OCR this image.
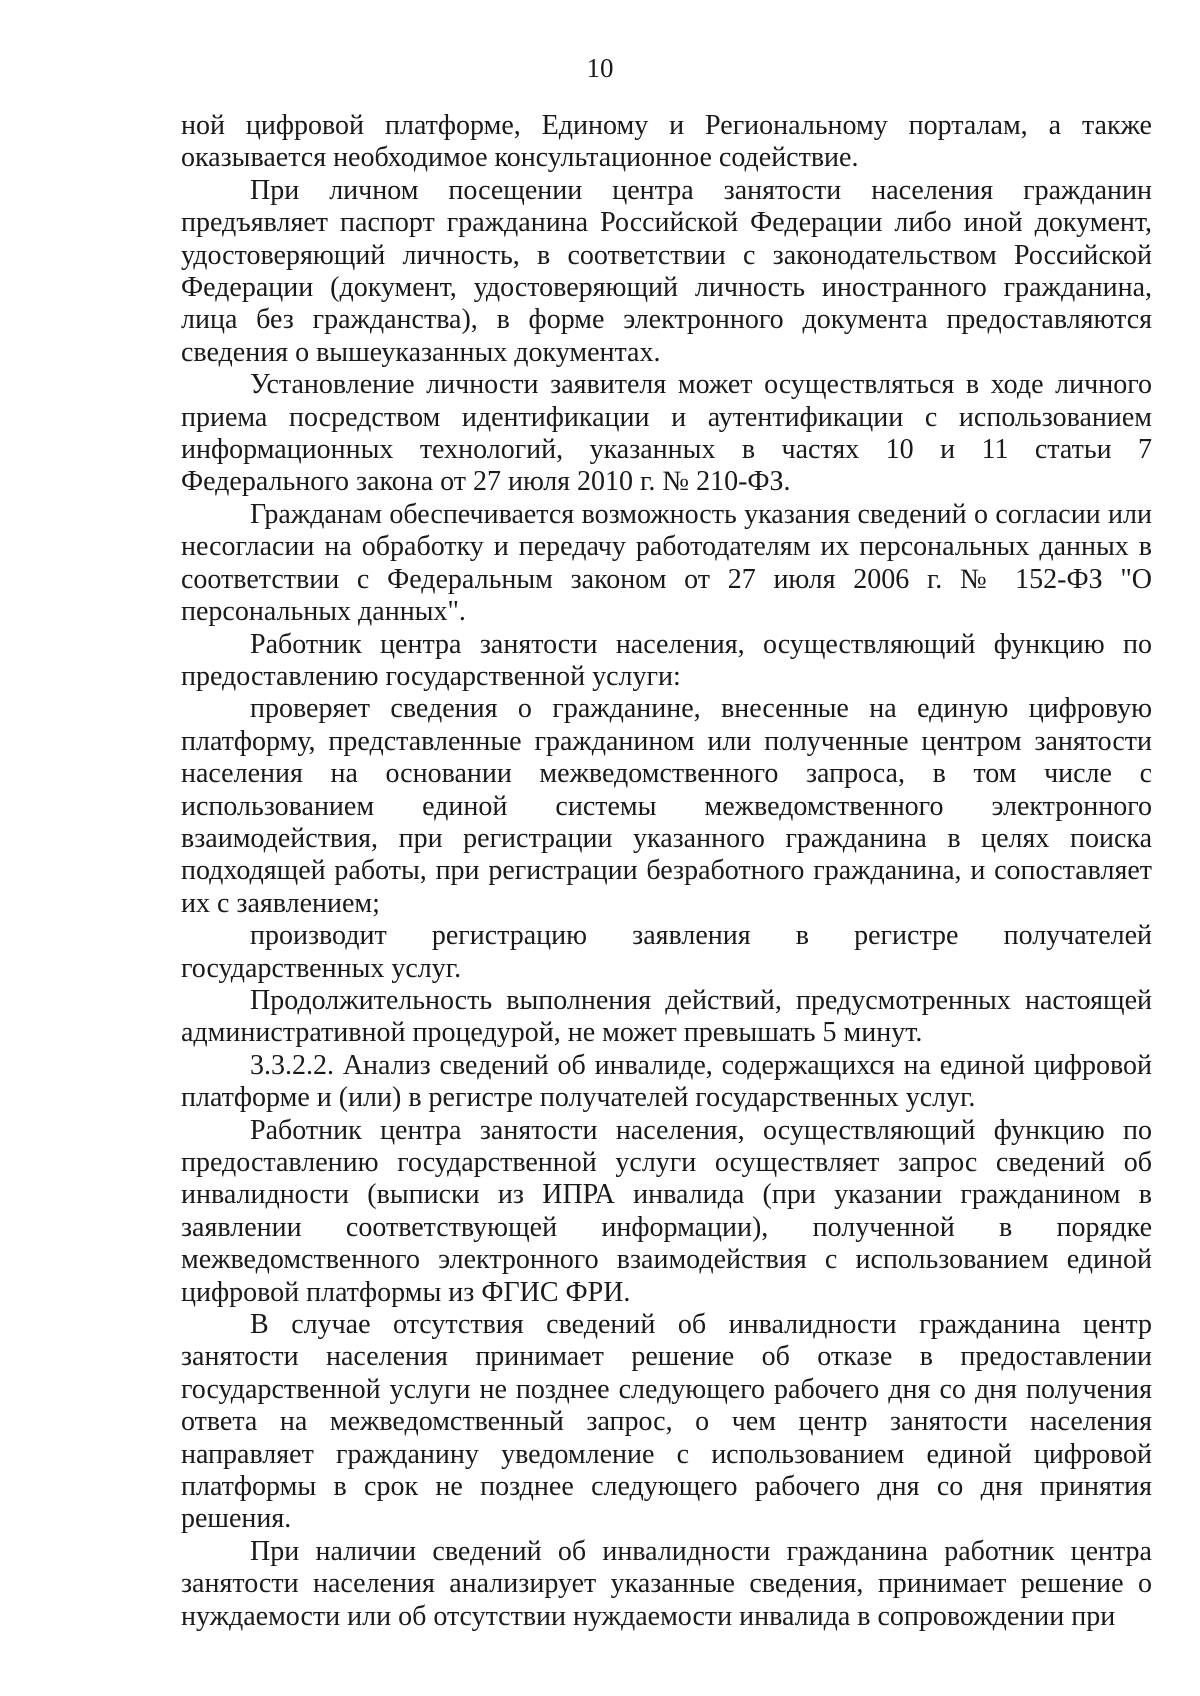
10

ной цифровой платформе, Единому и Региональному порталам, а также оказывается необходимое консультационное содействие.

При личном посещении центра занятости населения гражданин предъявляет паспорт гражданина Российской Федерации либо иной документ, удостоверяющий личность, в соответствии с законодательством Российской Федерации (документ, удостоверяющий личность иностранного гражданина, лица без гражданства), в форме электронного документа предоставляются сведения о вышеуказанных документах.

Установление личности заявителя может осуществляться в ходе личного приема посредством идентификации и аутентификации с использованием информационных технологий, указанных в частях 10 и 11 статьи 7 Федерального закона от 27 июля 2010 г. № 210-ФЗ.

Гражданам обеспечивается возможность указания сведений о согласии или несогласии на обработку и передачу работодателям их персональных данных в соответствии с Федеральным законом от 27 июля 2006 г. № 152-ФЗ "О персональных данных".

Работник центра занятости населения, осуществляющий функцию по предоставлению государственной услуги:

проверяет сведения о гражданине, внесенные на единую цифровую платформу, представленные гражданином или полученные центром занятости населения на основании межведомственного запроса, в том числе с использованием единой системы межведомственного электронного взаимодействия, при регистрации указанного гражданина в целях поиска подходящей работы, при регистрации безработного гражданина, и сопоставляет их с заявлением;

производит регистрацию заявления в регистре получателей государственных услуг.

Продолжительность выполнения действий, предусмотренных настоящей административной процедурой, не может превышать 5 минут.

3.3.2.2. Анализ сведений об инвалиде, содержащихся на единой цифровой платформе и (или) в регистре получателей государственных услуг.

Работник центра занятости населения, осуществляющий функцию по предоставлению государственной услуги осуществляет запрос сведений об инвалидности (выписки из ИПРА инвалида (при указании гражданином в заявлении соответствующей информации), полученной в порядке межведомственного электронного взаимодействия с использованием единой цифровой платформы из ФГИС ФРИ.

В случае отсутствия сведений об инвалидности гражданина центр занятости населения принимает решение об отказе в предоставлении государственной услуги не позднее следующего рабочего дня со дня получения ответа на межведомственный запрос, о чем центр занятости населения направляет гражданину уведомление с использованием единой цифровой платформы в срок не позднее следующего рабочего дня со дня принятия решения.

При наличии сведений об инвалидности гражданина работник центра занятости населения анализирует указанные сведения, принимает решение о нуждаемости или об отсутствии нуждаемости инвалида в сопровождении при
